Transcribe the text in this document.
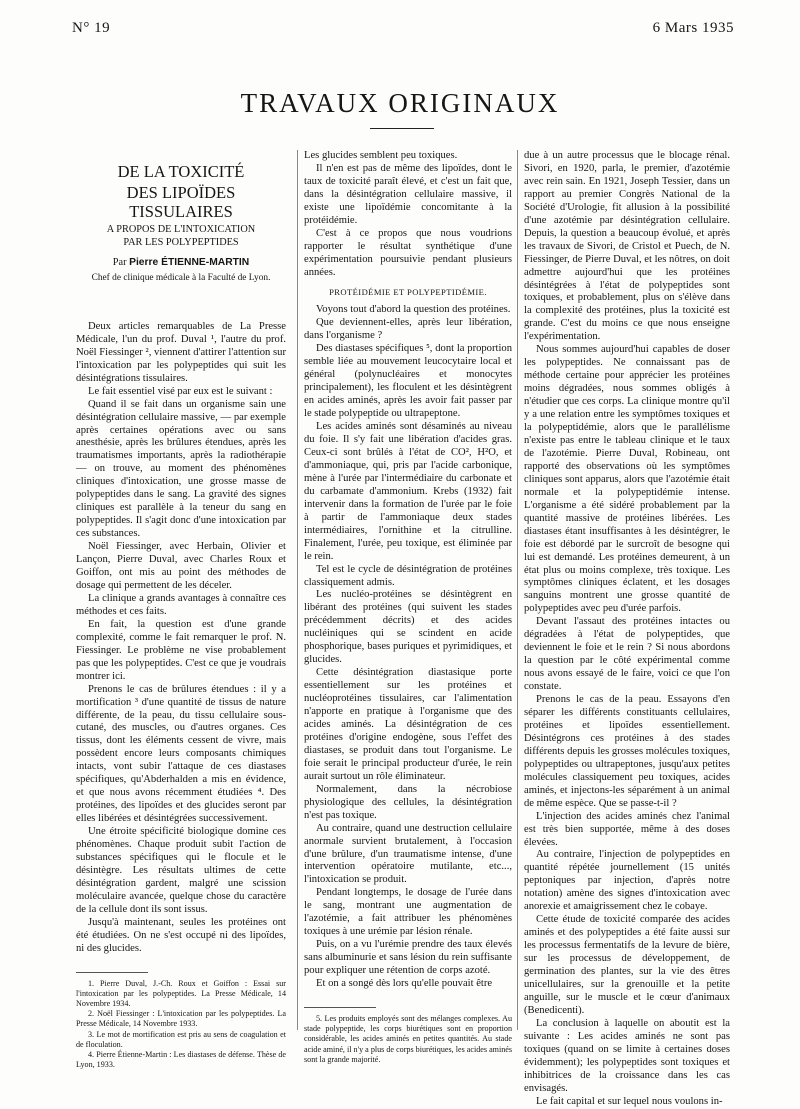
N° 19	6 Mars 1935
TRAVAUX ORIGINAUX
DE LA TOXICITÉ
DES LIPOÏDES TISSULAIRES
A PROPOS DE L'INTOXICATION
PAR LES POLYPEPTIDES
Par Pierre ÉTIENNE-MARTIN
Chef de clinique médicale à la Faculté de Lyon.

Deux articles remarquables de La Presse Médicale, l'un du prof. Duval ¹, l'autre du prof. Noël Fiessinger ², viennent d'attirer l'attention sur l'intoxication par les polypeptides qui suit les désintégrations tissulaires.

Le fait essentiel visé par eux est le suivant :

Quand il se fait dans un organisme sain une désintégration cellulaire massive, — par exemple après certaines opérations avec ou sans anesthésie, après les brûlures étendues, après les traumatismes importants, après la radiothérapie — on trouve, au moment des phénomènes cliniques d'intoxication, une grosse masse de polypeptides dans le sang. La gravité des signes cliniques est parallèle à la teneur du sang en polypeptides. Il s'agit donc d'une intoxication par ces substances.

Noël Fiessinger, avec Herbain, Olivier et Lançon, Pierre Duval, avec Charles Roux et Goiffon, ont mis au point des méthodes de dosage qui permettent de les déceler.

La clinique a grands avantages à connaître ces méthodes et ces faits.

En fait, la question est d'une grande complexité, comme le fait remarquer le prof. N. Fiessinger. Le problème ne vise probablement pas que les polypeptides. C'est ce que je voudrais montrer ici.

Prenons le cas de brûlures étendues : il y a mortification ³ d'une quantité de tissus de nature différente, de la peau, du tissu cellulaire sous-cutané, des muscles, ou d'autres organes. Ces tissus, dont les éléments cessent de vivre, mais possèdent encore leurs composants chimiques intacts, vont subir l'attaque de ces diastases spécifiques, qu'Abderhalden a mis en évidence, et que nous avons récemment étudiées ⁴. Des protéines, des lipoïdes et des glucides seront par elles libérées et désintégrées successivement.

Une étroite spécificité biologique domine ces phénomènes. Chaque produit subit l'action de substances spécifiques qui le flocule et le désintègre. Les résultats ultimes de cette désintégration gardent, malgré une scission moléculaire avancée, quelque chose du caractère de la cellule dont ils sont issus.

Jusqu'à maintenant, seules les protéines ont été étudiées. On ne s'est occupé ni des lipoïdes, ni des glucides.

1. Pierre Duval, J.-Ch. Roux et Goiffon : Essai sur l'intoxication par les polypeptides. La Presse Médicale, 14 Novembre 1934.

2. Noël Fiessinger : L'intoxication par les polypeptides. La Presse Médicale, 14 Novembre 1933.

3. Le mot de mortification est pris au sens de coagulation et de floculation.

4. Pierre Étienne-Martin : Les diastases de défense. Thèse de Lyon, 1933.

Les glucides semblent peu toxiques.

Il n'en est pas de même des lipoïdes, dont le taux de toxicité paraît élevé, et c'est un fait que, dans la désintégration cellulaire massive, il existe une lipoïdémie concomitante à la protéidémie.

C'est à ce propos que nous voudrions rapporter le résultat synthétique d'une expérimentation poursuivie pendant plusieurs années.

PROTÉIDÉMIE ET POLYPEPTIDÉMIE.

Voyons tout d'abord la question des protéines.

Que deviennent-elles, après leur libération, dans l'organisme ?

Des diastases spécifiques ⁵, dont la proportion semble liée au mouvement leucocytaire local et général (polynucléaires et monocytes principalement), les floculent et les désintègrent en acides aminés, après les avoir fait passer par le stade polypeptide ou ultrapeptone.

Les acides aminés sont désaminés au niveau du foie. Il s'y fait une libération d'acides gras. Ceux-ci sont brûlés à l'état de CO², H²O, et d'ammoniaque, qui, pris par l'acide carbonique, mène à l'urée par l'intermédiaire du carbonate et du carbamate d'ammonium. Krebs (1932) fait intervenir dans la formation de l'urée par le foie à partir de l'ammoniaque deux stades intermédiaires, l'ornithine et la citrulline. Finalement, l'urée, peu toxique, est éliminée par le rein.

Tel est le cycle de désintégration de protéines classiquement admis.

Les nucléo-protéines se désintègrent en libérant des protéines (qui suivent les stades précédemment décrits) et des acides nucléiniques qui se scindent en acide phosphorique, bases puriques et pyrimidiques, et glucides.

Cette désintégration diastasique porte essentiellement sur les protéines et nucléoprotéines tissulaires, car l'alimentation n'apporte en pratique à l'organisme que des acides aminés. La désintégration de ces protéines d'origine endogène, sous l'effet des diastases, se produit dans tout l'organisme. Le foie serait le principal producteur d'urée, le rein aurait surtout un rôle éliminateur.

Normalement, dans la nécrobiose physiologique des cellules, la désintégration n'est pas toxique.

Au contraire, quand une destruction cellulaire anormale survient brutalement, à l'occasion d'une brûlure, d'un traumatisme intense, d'une intervention opératoire mutilante, etc..., l'intoxication se produit.

Pendant longtemps, le dosage de l'urée dans le sang, montrant une augmentation de l'azotémie, a fait attribuer les phénomènes toxiques à une urémie par lésion rénale.

Puis, on a vu l'urémie prendre des taux élevés sans albuminurie et sans lésion du rein suffisante pour expliquer une rétention de corps azoté.

Et on a songé dès lors qu'elle pouvait être

5. Les produits employés sont des mélanges complexes. Au stade polypeptide, les corps biurétiques sont en proportion considérable, les acides aminés en petites quantités. Au stade acide aminé, il n'y a plus de corps biurétiques, les acides aminés sont la grande majorité.

due à un autre processus que le blocage rénal. Sivori, en 1920, parla, le premier, d'azotémie avec rein sain. En 1921, Joseph Tessier, dans un rapport au premier Congrès National de la Société d'Urologie, fit allusion à la possibilité d'une azotémie par désintégration cellulaire. Depuis, la question a beaucoup évolué, et après les travaux de Sivori, de Cristol et Puech, de N. Fiessinger, de Pierre Duval, et les nôtres, on doit admettre aujourd'hui que les protéines désintégrées à l'état de polypeptides sont toxiques, et probablement, plus on s'élève dans la complexité des protéines, plus la toxicité est grande. C'est du moins ce que nous enseigne l'expérimentation.

Nous sommes aujourd'hui capables de doser les polypeptides. Ne connaissant pas de méthode certaine pour apprécier les protéines moins dégradées, nous sommes obligés à n'étudier que ces corps. La clinique montre qu'il y a une relation entre les symptômes toxiques et la polypeptidémie, alors que le parallélisme n'existe pas entre le tableau clinique et le taux de l'azotémie. Pierre Duval, Robineau, ont rapporté des observations où les symptômes cliniques sont apparus, alors que l'azotémie était normale et la polypeptidémie intense. L'organisme a été sidéré probablement par la quantité massive de protéines libérées. Les diastases étant insuffisantes à les désintégrer, le foie est débordé par le surcroît de besogne qui lui est demandé. Les protéines demeurent, à un état plus ou moins complexe, très toxique. Les symptômes cliniques éclatent, et les dosages sanguins montrent une grosse quantité de polypeptides avec peu d'urée parfois.

Devant l'assaut des protéines intactes ou dégradées à l'état de polypeptides, que deviennent le foie et le rein ? Si nous abordons la question par le côté expérimental comme nous avons essayé de le faire, voici ce que l'on constate.

Prenons le cas de la peau. Essayons d'en séparer les différents constituants cellulaires, protéines et lipoïdes essentiellement. Désintégrons ces protéines à des stades différents depuis les grosses molécules toxiques, polypeptides ou ultrapeptones, jusqu'aux petites molécules classiquement peu toxiques, acides aminés, et injectons-les séparément à un animal de même espèce. Que se passe-t-il ?

L'injection des acides aminés chez l'animal est très bien supportée, même à des doses élevées.

Au contraire, l'injection de polypeptides en quantité répétée journellement (15 unités peptoniques par injection, d'après notre notation) amène des signes d'intoxication avec anorexie et amaigrissement chez le cobaye.

Cette étude de toxicité comparée des acides aminés et des polypeptides a été faite aussi sur les processus fermentatifs de la levure de bière, sur les processus de développement, de germination des plantes, sur la vie des êtres unicellulaires, sur la grenouille et la petite anguille, sur le muscle et le cœur d'animaux (Benedicenti).

La conclusion à laquelle on aboutit est la suivante : Les acides aminés ne sont pas toxiques (quand on se limite à certaines doses évidemment); les polypeptides sont toxiques et inhibitrices de la croissance dans les cas envisagés.

Le fait capital et sur lequel nous voulons in-
